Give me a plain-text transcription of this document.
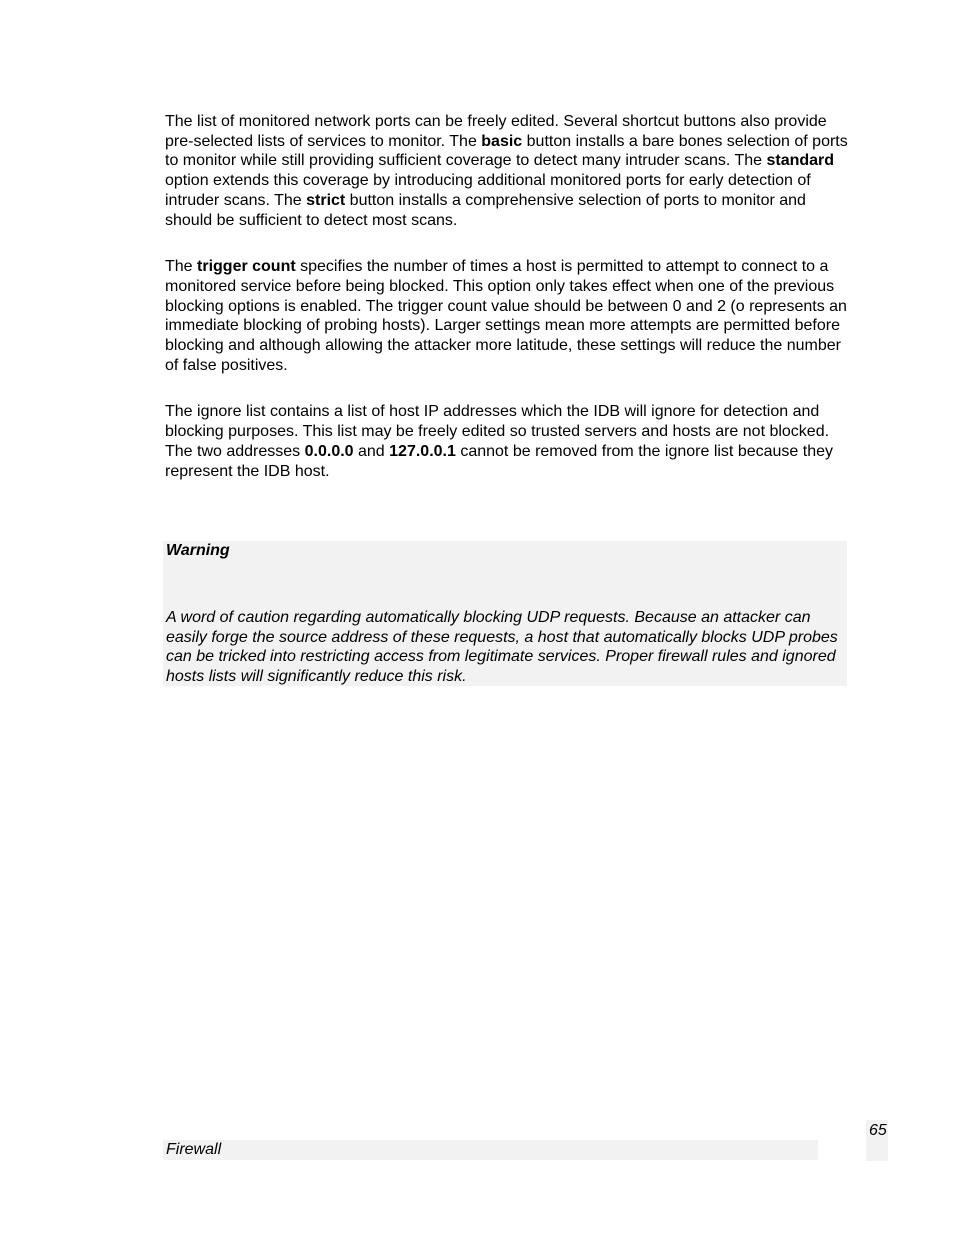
The list of monitored network ports can be freely edited. Several shortcut buttons also provide pre-selected lists of services to monitor. The basic button installs a bare bones selection of ports to monitor while still providing sufficient coverage to detect many intruder scans. The standard option extends this coverage by introducing additional monitored ports for early detection of intruder scans. The strict button installs a comprehensive selection of ports to monitor and should be sufficient to detect most scans.

The trigger count specifies the number of times a host is permitted to attempt to connect to a monitored service before being blocked. This option only takes effect when one of the previous blocking options is enabled. The trigger count value should be between 0 and 2 (o represents an immediate blocking of probing hosts). Larger settings mean more attempts are permitted before blocking and although allowing the attacker more latitude, these settings will reduce the number of false positives.

The ignore list contains a list of host IP addresses which the IDB will ignore for detection and blocking purposes. This list may be freely edited so trusted servers and hosts are not blocked. The two addresses 0.0.0.0 and 127.0.0.1 cannot be removed from the ignore list because they represent the IDB host.

Warning
A word of caution regarding automatically blocking UDP requests. Because an attacker can easily forge the source address of these requests, a host that automatically blocks UDP probes can be tricked into restricting access from legitimate services. Proper firewall rules and ignored hosts lists will significantly reduce this risk.
Firewall
65
